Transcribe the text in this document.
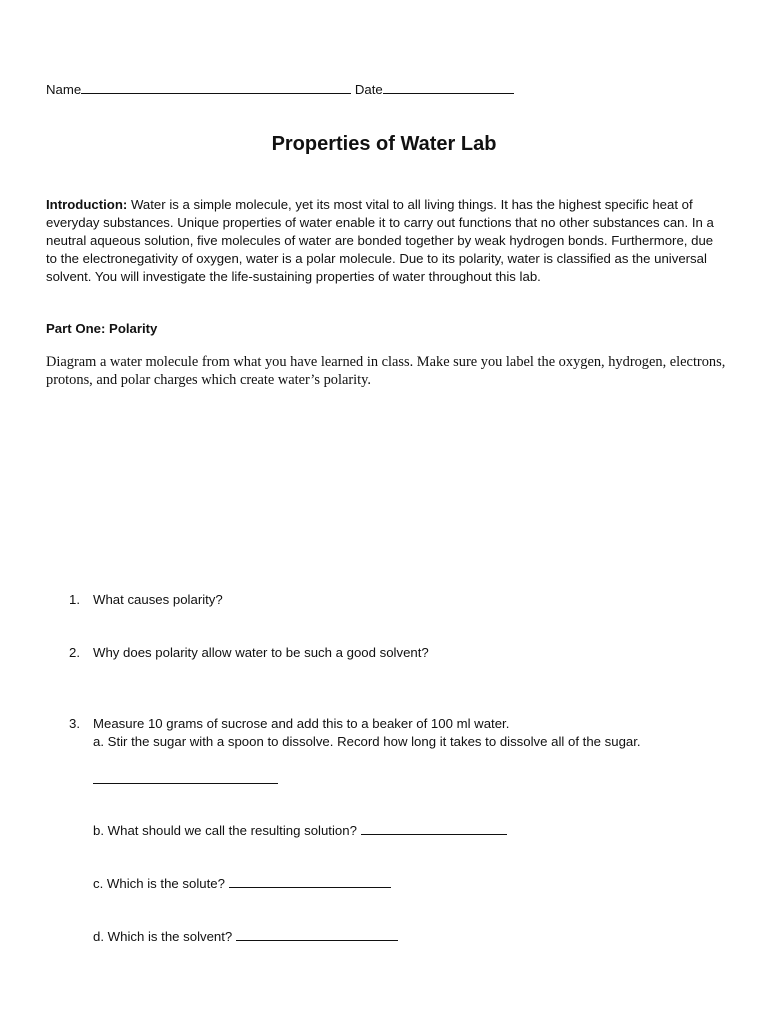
Name	Date
Properties of Water Lab
Introduction: Water is a simple molecule, yet its most vital to all living things. It has the highest specific heat of everyday substances. Unique properties of water enable it to carry out functions that no other substances can. In a neutral aqueous solution, five molecules of water are bonded together by weak hydrogen bonds. Furthermore, due to the electronegativity of oxygen, water is a polar molecule. Due to its polarity, water is classified as the universal solvent. You will investigate the life-sustaining properties of water throughout this lab.
Part One: Polarity
Diagram a water molecule from what you have learned in class. Make sure you label the oxygen, hydrogen, electrons, protons, and polar charges which create water’s polarity.
1. What causes polarity?
2. Why does polarity allow water to be such a good solvent?
3. Measure 10 grams of sucrose and add this to a beaker of 100 ml water.
a. Stir the sugar with a spoon to dissolve. Record how long it takes to dissolve all of the sugar.
b. What should we call the resulting solution?
c. Which is the solute?
d. Which is the solvent?
